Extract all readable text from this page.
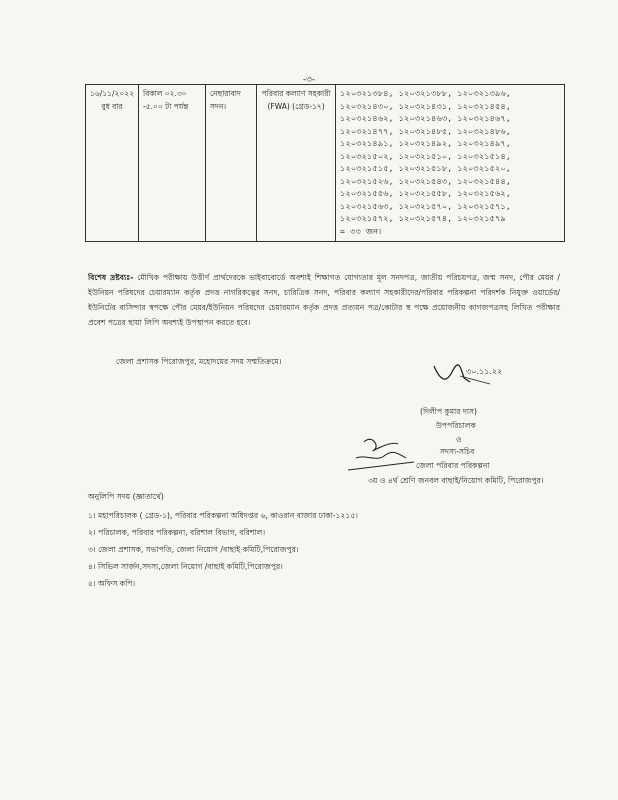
-৩-
১৬/১১/২০২২
বুধ বার

বিকাল ০২.৩০
-৫.০০ টা পর্যন্ত

নেছারাবাদ
সদন।

পরিবার কল্যাণ সহকারী
(FWA) (গ্রেড-১৭)

১২০৩২১৩৮৪, ১২০৩২১৩৮৮, ১২০৩২১৩৯৬,
১২০৩২১৪৩০, ১২০৩২১৪৩১, ১২০৩২১৪৫৪,
১২০৩২১৪৬২, ১২০৩২১৪৬৩, ১২০৩২১৪৬৭,
১২০৩২১৪৭৭, ১২০৩২১৪৮৫, ১২০৩২১৪৮৬,
১২০৩২১৪৯১, ১২০৩২১৪৯২, ১২০৩২১৪৯৭,
১২০৩২১৫০২, ১২০৩২১৫১০, ১২০৩২১৫১৪,
১২০৩২১৫১৫, ১২০৩২১৫১৮, ১২০৩২১৫২০,
১২০৩২১৫২৬, ১২০৩২১৫৪৩, ১২০৩২১৫৪৪,
১২০৩২১৫৫৬, ১২০৩২১৫৫৮, ১২০৩২১৫৬২,
১২০৩২১৫৬৩, ১২০৩২১৫৭০, ১২০৩২১৫৭১,
১২০৩২১৫৭২, ১২০৩২১৫৭৪, ১২০৩২১৫৭৯
= ৩৩ জন।
বিশেষ দ্রষ্টব্যঃ- মৌখিক পরীক্ষায় উত্তীর্ণ প্রার্থদেরকে ভাইবাবোর্ডে অবশ্যই শিক্ষাগত যোগ্যতার মূল সনদপত্র, জাতীয় পরিচয়পত্র, জন্ম সনদ, পৌর মেয়র /ইউনিয়ন পরিষদের চেয়ারম্যান কর্তৃক প্রদত্ত নাগরিকত্বের সনদ, চারিত্রিক সনদ, পরিবার কল্যাণ সহকারীদের/পরিবার পরিকল্পনা পরিদর্শক নিযুক্ত ওয়ার্ডের/ ইউনিটের বাসিন্দার স্বপক্ষে পৌর মেয়র/ইউনিয়ন পরিষদের চেয়ারম্যান কর্তৃক প্রদত্ত প্রত্যয়ন পত্র/কোটার স্ব পক্ষে প্রয়োজনীয় কাগজপত্রসহ লিখিত পরীক্ষার প্রবেশ পত্রের ছায়া লিপি অবশ্যই উপস্থাপন করতে হবে।
জেলা প্রশাসক পিরোজপুর, মহোদয়ের সদয় সম্মতিক্রমে।
৩০.১১.২২
(দিলীপ কুমার দাস)
উপপরিচালক
ও
সদস্য-সচিব
জেলা পরিবার পরিকল্পনা
৩য় ও ৪র্থ শ্রেণি জনবল বাছাই/নিয়োগ কমিটি, পিরোজপুর।
অনুলিপি সদয় (জ্ঞাতার্থে)
১। মহাপরিচালক ( গ্রেড-১), পরিবার পরিকল্পনা অধিদপ্তর ৬, কাওরান বাজার ঢাকা-১২১৫।
২। পরিচালক, পরিবার পরিকল্পনা, বরিশাল বিভাগ, বরিশাল।
৩। জেলা প্রশাসক, সভাপতি, জেলা নিয়োগ /বাছাই কমিটি,পিরোজপুর।
৪। সিভিল সার্জন,সদস্য,জেলা নিয়োগ /বাছাই কমিটি,পিরোজপুর।
৫। অফিস কপি।
